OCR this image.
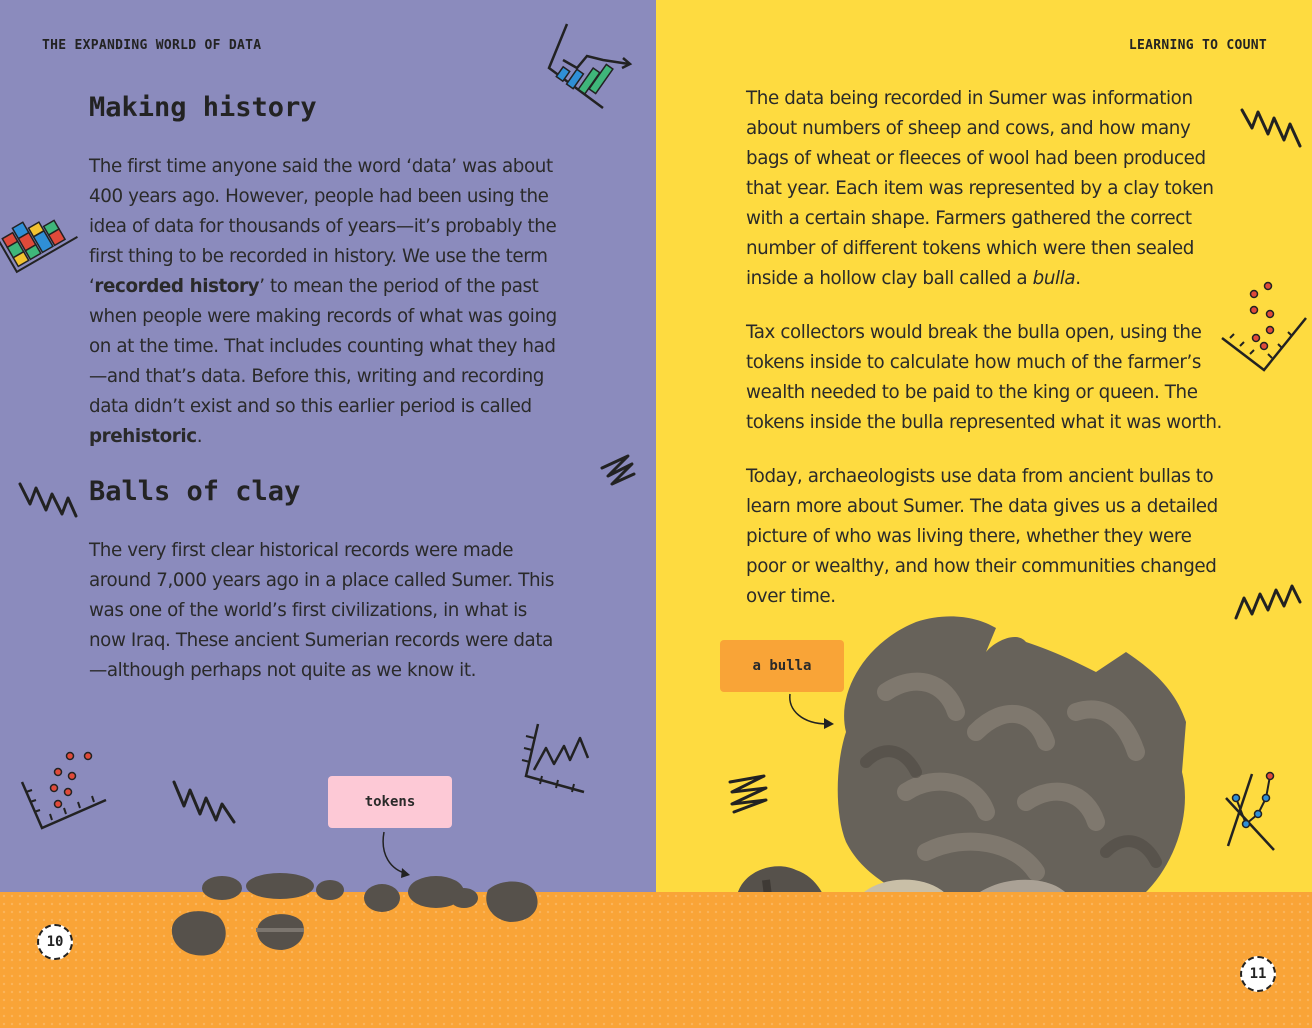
THE EXPANDING WORLD OF DATA
Making history

The first time anyone said the word ‘data’ was about 400 years ago. However, people had been using the idea of data for thousands of years—it’s probably the first thing to be recorded in history. We use the term ‘recorded history’ to mean the period of the past when people were making records of what was going on at the time. That includes counting what they had—and that’s data. Before this, writing and recording data didn’t exist and so this earlier period is called prehistoric.

Balls of clay

The very first clear historical records were made around 7,000 years ago in a place called Sumer. This was one of the world’s first civilizations, in what is now Iraq. These ancient Sumerian records were data—although perhaps not quite as we know it.

tokens
LEARNING TO COUNT

The data being recorded in Sumer was information about numbers of sheep and cows, and how many bags of wheat or fleeces of wool had been produced that year. Each item was represented by a clay token with a certain shape. Farmers gathered the correct number of different tokens which were then sealed inside a hollow clay ball called a bulla.

Tax collectors would break the bulla open, using the tokens inside to calculate how much of the farmer’s wealth needed to be paid to the king or queen. The tokens inside the bulla represented what it was worth.

Today, archaeologists use data from ancient bullas to learn more about Sumer. The data gives us a detailed picture of who was living there, whether they were poor or wealthy, and how their communities changed over time.

a bulla
10
11
